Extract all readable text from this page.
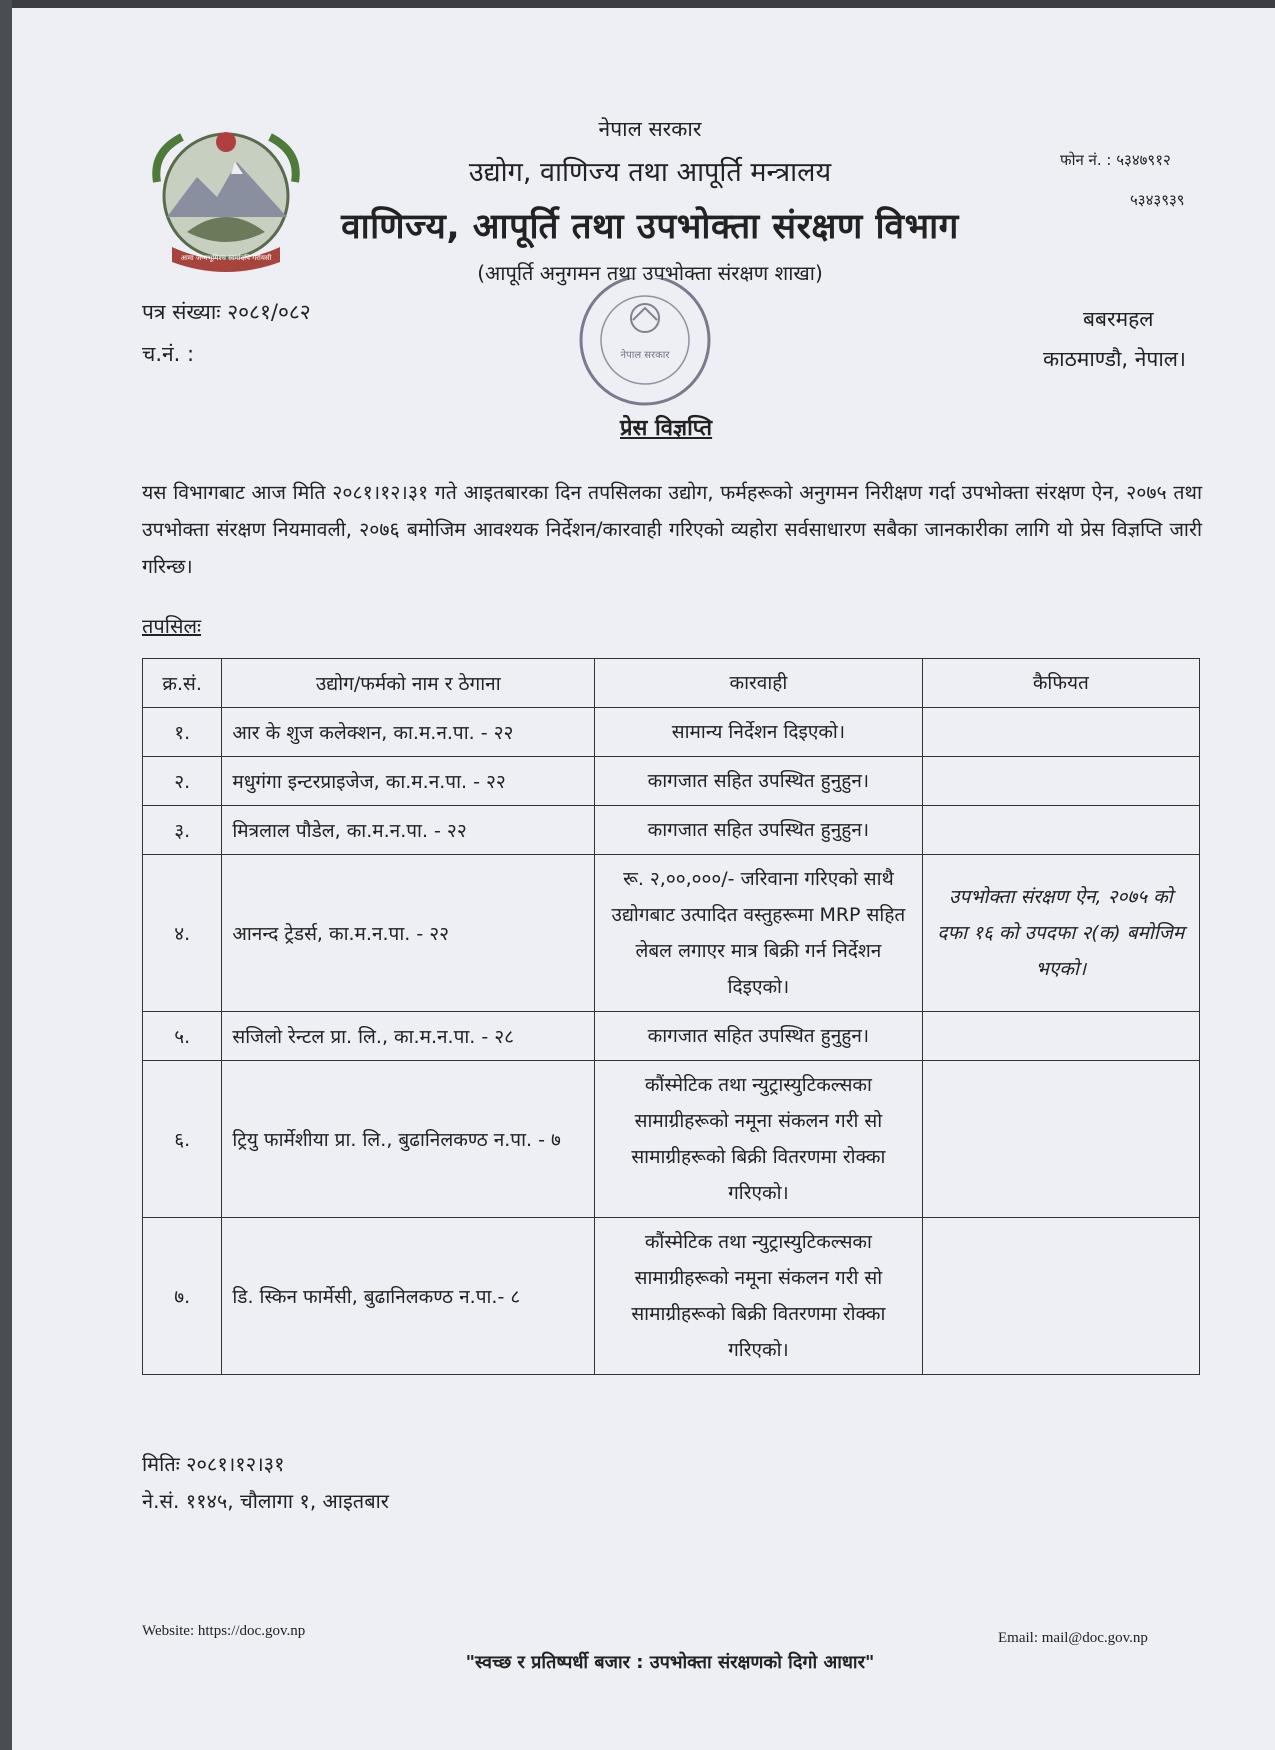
आमा जन्मभूमिश्च स्वर्गादपि गरीयसी
नेपाल सरकार
उद्योग, वाणिज्य तथा आपूर्ति मन्त्रालय
वाणिज्य, आपूर्ति तथा उपभोक्ता संरक्षण विभाग
(आपूर्ति अनुगमन तथा उपभोक्ता संरक्षण शाखा)
फोन नं. : ५३४७९१२
५३४३९३९
पत्र संख्याः २०८१/०८२
च.नं. :
बबरमहल
काठमाण्डौ, नेपाल।
नेपाल सरकार
प्रेस विज्ञप्ति
यस विभागबाट आज मिति २०८१।१२।३१ गते आइतबारका दिन तपसिलका उद्योग, फर्महरूको अनुगमन निरीक्षण गर्दा उपभोक्ता संरक्षण ऐन, २०७५ तथा उपभोक्ता संरक्षण नियमावली, २०७६ बमोजिम आवश्यक निर्देशन/कारवाही गरिएको व्यहोरा सर्वसाधारण सबैका जानकारीका लागि यो प्रेस विज्ञप्ति जारी गरिन्छ।
तपसिलः
क्र.सं.	उद्योग/फर्मको नाम र ठेगाना	कारवाही	कैफियत
१.	आर के शुज कलेक्शन, का.म.न.पा. - २२	सामान्य निर्देशन दिइएको।	
२.	मधुगंगा इन्टरप्राइजेज, का.म.न.पा. - २२	कागजात सहित उपस्थित हुनुहुन।	
३.	मित्रलाल पौडेल, का.म.न.पा. - २२	कागजात सहित उपस्थित हुनुहुन।	
४.	आनन्द ट्रेडर्स, का.म.न.पा. - २२	रू. २,००,०००/- जरिवाना गरिएको साथै उद्योगबाट उत्पादित वस्तुहरूमा MRP सहित लेबल लगाएर मात्र बिक्री गर्न निर्देशन दिइएको।	उपभोक्ता संरक्षण ऐन, २०७५ को दफा १६ को उपदफा २(क) बमोजिम भएको।
५.	सजिलो रेन्टल प्रा. लि., का.म.न.पा. - २८	कागजात सहित उपस्थित हुनुहुन।	
६.	ट्रियु फार्मेशीया प्रा. लि., बुढानिलकण्ठ न.पा. - ७	कौंस्मेटिक तथा न्युट्रास्युटिकल्सका सामाग्रीहरूको नमूना संकलन गरी सो सामाग्रीहरूको बिक्री वितरणमा रोक्का गरिएको।	
७.	डि. स्किन फार्मेसी, बुढानिलकण्ठ न.पा.- ८	कौंस्मेटिक तथा न्युट्रास्युटिकल्सका सामाग्रीहरूको नमूना संकलन गरी सो सामाग्रीहरूको बिक्री वितरणमा रोक्का गरिएको।	
मितिः २०८१।१२।३१
ने.सं. ११४५, चौलागा १, आइतबार
Website: https://doc.gov.np	Email: mail@doc.gov.np
"स्वच्छ र प्रतिष्पर्धी बजार : उपभोक्ता संरक्षणको दिगो आधार"
